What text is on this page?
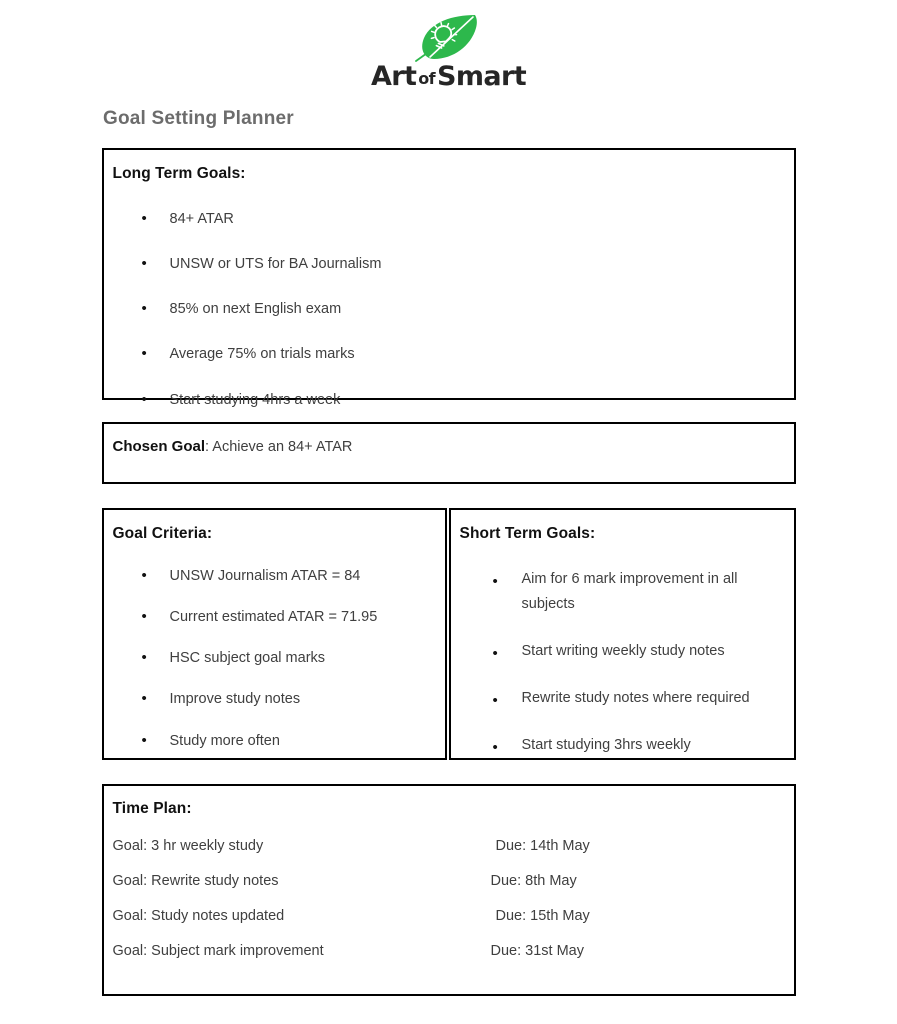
Art of Smart
Goal Setting Planner
Long Term Goals:
• 84+ ATAR
• UNSW or UTS for BA Journalism
• 85% on next English exam
• Average 75% on trials marks
• Start studying 4hrs a week
Chosen Goal: Achieve an 84+ ATAR
Goal Criteria:
• UNSW Journalism ATAR = 84
• Current estimated ATAR = 71.95
• HSC subject goal marks
• Improve study notes
• Study more often
Short Term Goals:
• Aim for 6 mark improvement in all subjects
• Start writing weekly study notes
• Rewrite study notes where required
• Start studying 3hrs weekly
Time Plan:
Goal: 3 hr weekly study	Due: 14th May
Goal: Rewrite study notes	Due: 8th May
Goal: Study notes updated	Due: 15th May
Goal: Subject mark improvement	Due: 31st May
